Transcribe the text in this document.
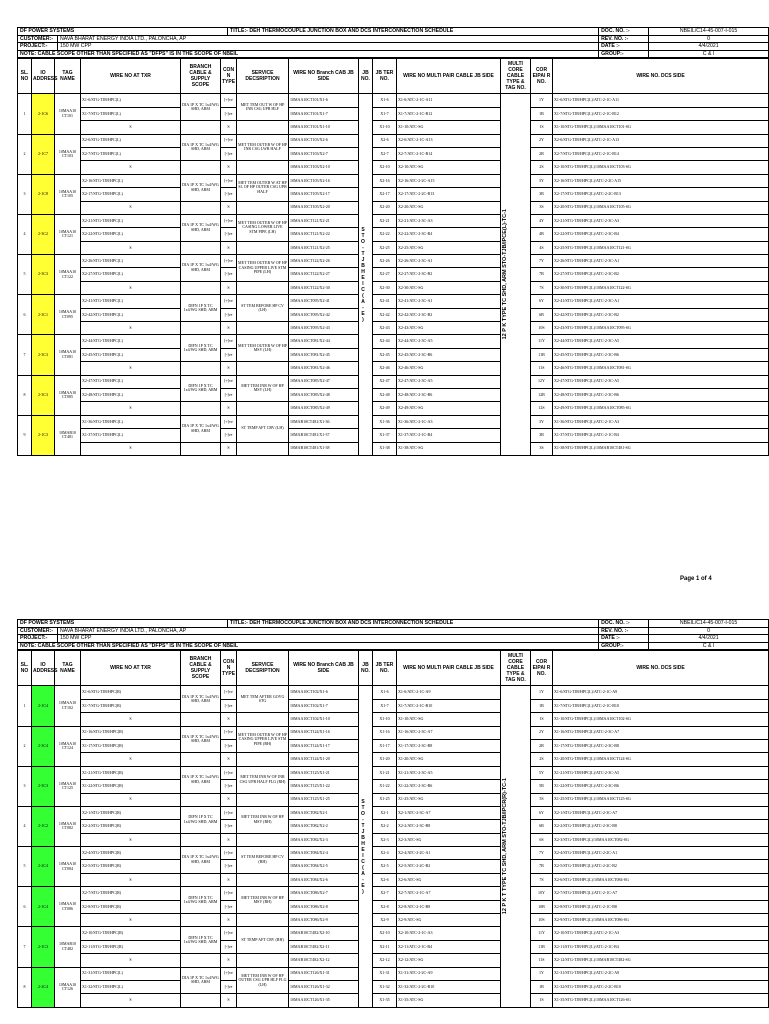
DF POWER SYSTEMS		TITLE:- DEH THERMOCOUPLE JUNCTION BOX AND DCS INTERCONNECTION SCHEDULE	DOC. NO. :-	NBEIL/C14-45-007-I-015
CUSTOMER:-	NAVA BHARAT ENERGY INDIA LTD., PALONCHA, AP		REV. NO. :-	0
PROJECT:-	150 MW CPP		DATE :-	4/4/2021
NOTE: CABLE SCOPE OTHER THAN SPECIFIED AS "DFPS" IS IN THE SCOPE OF NBEIL			GROUP:-	C & I
SL. NO	IO ADDRESS	TAG NAME	WIRE NO AT TXR	BRANCH CABLE & SUPPLY SCOPE	CON N TYPE	SERVICE DECSRIPTION	WIRE NO Branch CAB JB SIDE	JB NO.	JB TER NO.	WIRE NO MULTI PAIR CABLE JB SIDE	MULTI CORE CABLE TYPE & TAG NO.	COR EIPAI R NO.	WIRE NO. DCS SIDE
1	2-1C6	10MAA10 CT101	X1-6/STG-TJB/HPC(L)	DIA 1P X TC 1x4/WG SHD, ARM	[+]ve	MET TEM OUT W OF HP INR CSG UPR HLF	10MAA10CT101/X1-6	STO-TJBHEIC(A-E)	X1-6	X1-6/ATC-2-1C-A11	12 P K TYPE TC SHD, ARM STO-TJB/IPCE(L)-TC-1	1Y	X1-6/STG-TJB/HPC(L)/ATC-2-1C-A11
			X1-7/STG-TJB/HPC(L)		[-]ve		10MAA10CT101/X1-7		X1-7	X1-7/ATC-2-1C-B12		1B	X1-7/STG-TJB/HPC(L)/ATC-2-1C-B12
			S		S		10MAA10CT101/X1-10		X1-10	X1-10/ATC-SG		1S	X1-10/STG-TJB/HPC(L)/10MAA10CT101-SG
2	2-1C7	10MAA10 CT103	X2-6/STG-TJB/HPC(L)	DIA 1P X TC 1x4/WG SHD, ARM	[+]ve	MET TEM OUTER W OF HP INR CSG LWR HALF	10MAA10CT103/X2-6		X2-6	X2-6/ATC-2-1C-A13		2Y	X2-6/STG-TJB/HPC(L)/ATC-2-1C-A13
			X2-7/STG-TJB/HPC(L)		[-]ve		10MAA10CT103/X2-7		X2-7	X2-7/ATC-2-1C-B14		2B	X2-7/STG-TJB/HPC(L)/ATC-2-1C-B14
			S		S		10MAA10CT103/X2-10		X2-10	X2-10/ATC-SG		2S	X2-10/STG-TJB/HPC(L)/10MAA10CT103-SG
3	2-1C8	10MAA10 CT105	X2-16/STG-TJB/HPC(L)	DIA 1P X TC 1x4/WG SHD, ARM	[+]ve	MET TEM OUTER W AT HP SL OF HP OUTER CSG UPR HALF	10MAA10CT105/X2-16		X2-16	X2-16/ATC-2-2C-A15		3Y	X2-16/STG-TJB/HPC(L)/ATC-2-2C-A15
			X2-17/STG-TJB/HPC(L)		[-]ve		10MAA10CT105/X2-17		X2-17	X2-17/ATC-2-2C-B13		3B	X2-17/STG-TJB/HPC(L)/ATC-2-2C-B13
			S		S		10MAA10CT105/X2-20		X2-20	X2-20/ATC-SG		3S	X2-20/STG-TJB/HPC(L)/10MAA10CT105-SG
4	2-3C2	10MAA10 CT121	X2-21/STG-TJB/HPC(L)	DIA 1P X TC 1x4/WG SHD, ARM	[+]ve	MET TEM OUTER W OF HP CASING LOWER LIVE STM PIPE (LH)	10MAA10CT121/X2-21		X2-21	X2-21/ATC-2-3C-A3		4Y	X2-21/STG-TJB/HPC(L)/ATC-2-3C-A3
			X2-22/STG-TJB/HPC(L)		[-]ve		10MAA10CT121/X2-22		X2-22	X2-22/ATC-2-3C-B4		4B	X2-22/STG-TJB/HPC(L)/ATC-2-3C-B4
			S		S		10MAA10CT121/X2-25		X2-25	X2-25/ATC-SG		4S	X2-25/STG-TJB/HPC(L)/10MAA10CT121-SG
5	2-3C3	10MAA10 CT122	X2-26/STG-TJB/HPC(L)	DIA 1P X TC 1x4/WG SHD, ARM	[+]ve	MET TEM OUTER W OF HP CASING UPPER LIVE STM PIPE (LH)	10MAA10CT122/X2-26		X2-26	X2-26/ATC-2-3C-A1		7Y	X2-26/STG-TJB/HPC(L)/ATC-2-3C-A1
			X2-27/STG-TJB/HPC(L)		[-]ve		10MAA10CT122/X2-27		X2-27	X2-27/ATC-2-3C-B2		7B	X2-27/STG-TJB/HPC(L)/ATC-2-3C-B2
			S		S		10MAA10CT122/X2-30		X2-30	X2-30/ATC-SG		7S	X2-30/STG-TJB/HPC(L)/10MAA10CT122-SG
6	2-3C1	10MAA10 CT095	X2-41/STG-TJB/HPC(L)	DIFN 1P X TC 1x4/WG SHD, ARM	[+]ve	ST TEM BEFORE HP CV (LH)	10MAA10CT095/X2-41		X2-41	X2-41/ATC-2-3C-A1		6Y	X2-41/STG-TJB/HPC(L)/ATC-2-3C-A1
			X2-42/STG-TJB/HPC(L)		[-]ve		10MAA10CT095/X2-42		X2-42	X2-42/ATC-2-3C-B2		6B	X2-42/STG-TJB/HPC(L)/ATC-2-3C-B2
			S		S		10MAA10CT095/X2-43		X2-43	X2-43/ATC-SG		10S	X2-43/STG-TJB/HPC(L)/10MAA10CT095-SG
7	2-3C3	10MAA10 CT081	X2-44/STG-TJB/HPC(L)	DIFN 1P X TC 1x4/WG SHD, ARM	[+]ve	MET TEM OUTER W OF HP MSV (LH)	10MAA10CT081/X2-44		X2-44	X2-44/ATC-2-3C-A5		11Y	X2-44/STG-TJB/HPC(L)/ATC-2-3C-A5
			X2-45/STG-TJB/HPC(L)		[-]ve		10MAA10CT081/X2-45		X2-45	X2-45/ATC-2-3C-B6		11B	X2-45/STG-TJB/HPC(L)/ATC-2-3C-B6
			S		S		10MAA10CT081/X2-46		X2-46	X2-46/ATC-SG		11S	X2-46/STG-TJB/HPC(L)/10MAA10CT081-SG
8	2-3C3	10MAA10 CT085	X2-47/STG-TJB/HPC(L)	DIFN 1P X TC 1x4/WG SHD, ARM	[+]ve	MET TEM INR W OF HP MSV (LH)	10MAA10CT085/X2-47		X2-47	X2-47/ATC-2-3C-A5		12Y	X2-47/STG-TJB/HPC(L)/ATC-2-3C-A5
			X2-48/STG-TJB/HPC(L)		[-]ve		10MAA10CT085/X2-48		X2-48	X2-48/ATC-2-3C-B6		12B	X2-48/STG-TJB/HPC(L)/ATC-2-3C-B6
			S		S		10MAA10CT085/X2-49		X2-49	X2-49/ATC-SG		12S	X2-49/STG-TJB/HPC(L)/10MAA10CT085-SG
9	2-1C3	10MAB10 CT481	X1-36/STG-TJB/HPC(L)	DIA 1P X TC 1x4/WG SHD, ARM	[+]ve	ST TEMP AFT CRV (LH)	10MAB10CT481/X1-36		X1-36	X1-36/ATC-2-1C-A3		3Y	X1-36/STG-TJB/HPC(L)/ATC-2-1C-A3
			X1-37/STG-TJB/HPC(L)		[-]ve		10MAB10CT481/X1-37		X1-37	X1-37/ATC-2-1C-B4		3B	X1-37/STG-TJB/HPC(L)/ATC-2-1C-B4
			S		S		10MAB10CT481/X1-38		X1-38	X1-38/ATC-SG		3S	X1-38/STG-TJB/HPC(L)/10MAB10CT481-SG
Page 1 of 4
DF POWER SYSTEMS		TITLE:- DEH THERMOCOUPLE JUNCTION BOX AND DCS INTERCONNECTION SCHEDULE	DOC. NO. :-	NBEIL/C14-45-007-I-015
CUSTOMER:-	NAVA BHARAT ENERGY INDIA LTD., PALONCHA, AP		REV. NO. :-	0
PROJECT:-	150 MW CPP		DATE :-	4/4/2021
NOTE: CABLE SCOPE OTHER THAN SPECIFIED AS "DFPS" IS IN THE SCOPE OF NBEIL			GROUP:-	C & I
SL. NO	IO ADDRESS	TAG NAME	WIRE NO AT TXR	BRANCH CABLE & SUPPLY SCOPE	CON N TYPE	SERVICE DECSRIPTION	WIRE NO Branch CAB JB SIDE	JB NO.	JB TER NO.	WIRE NO MULTI PAIR CABLE JB SIDE	MULTI CORE CABLE TYPE & TAG NO.	COR EIPAI R NO.	WIRE NO. DCS SIDE
1	2-1C4	10MAA10 CT102	X1-6/STG-TJB/HPC(R)	DIA 1P X TC 1x4/WG SHD, ARM	[+]ve	MET TEM AFTER GOVG STG	10MAA10CT102/X1-6	STO-TJBHEIC(A-E)	X1-6	X1-6/ATC-2-1C-A9	12 P K T TYPE TC SHD, ARM STO-TJB/IPCR(R)-TC-1	1Y	X1-6/STG-TJB/HPC(L)/ATC-2-1C-A9
			X1-7/STG-TJB/HPC(R)		[-]ve		10MAA10CT102/X1-7		X1-7	X1-7/ATC-2-1C-B10		1B	X1-7/STG-TJB/HPC(L)/ATC-2-1C-B10
			S		S		10MAA10CT102/X1-10		X1-10	X1-10/ATC-SG		1S	X1-10/STG-TJB/HPC(L)/10MAA10CT102-SG
2	2-3C4	10MAA10 CT124	X1-16/STG-TJB/HPC(R)	DIA 1P X TC 1x4/WG SHD, ARM	[+]ve	MET TEM OUTER W OF HP CASING UPPER LIVE STM PIPE (RH)	10MAA10CT124/X1-16		X1-16	X1-16/ATC-2-3C-A7		2Y	X1-16/STG-TJB/HPC(L)/ATC-2-3C-A7
			X1-17/STG-TJB/HPC(R)		[-]ve		10MAA10CT124/X1-17		X1-17	X1-17/ATC-2-3C-B8		2B	X1-17/STG-TJB/HPC(L)/ATC-2-3C-B8
			S		S		10MAA10CT124/X1-20		X1-20	X1-20/ATC-SG		2S	X1-20/STG-TJB/HPC(L)/10MAA10CT124-SG
3	2-3C3	10MAA10 CT125	X1-21/STG-TJB/HPC(R)	DIA 1P X TC 1x4/WG SHD, ARM	[+]ve	MET TEM INR W OF INR CSG UPR HALF FLG (RH)	10MAA10CT125/X1-21		X1-21	X1-21/ATC-2-3C-A5		5Y	X1-21/STG-TJB/HPC(L)/ATC-2-3C-A5
			X1-22/STG-TJB/HPC(R)		[-]ve		10MAA10CT125/X1-22		X1-22	X1-22/ATC-2-3C-B6		5B	X1-22/STG-TJB/HPC(L)/ATC-2-3C-B6
			S		S		10MAA10CT125/X1-25		X1-25	X1-25/ATC-SG		5S	X1-25/STG-TJB/HPC(L)/10MAA10CT125-SG
4	2-1C2	10MAA10 CT082	X2-1/STG-TJB/HPC(R)	DIFN 1P X TC 1x4/WG SHD, ARM	[+]ve	MET TEM INR W OF HP MSV (RH)	10MAA10CT082/X2-1		X2-1	X2-1/ATC-2-3C-A7		6Y	X2-1/STG-TJB/HPC(L)/ATC-2-3C-A7
			X2-2/STG-TJB/HPC(R)		[-]ve		10MAA10CT082/X2-2		X2-2	X2-2/ATC-2-3C-B8		6B	X2-2/STG-TJB/HPC(L)/ATC-2-3C-B8
			S		S		10MAA10CT082/X2-3		X2-3	X2-3/ATC-SG		6S	X2-3/STG-TJB/HPC(L)/10MAA10CT082-SG
5	2-2C4	10MAA10 CT084	X2-4/STG-TJB/HPC(R)	DIA 1P X TC 1x4/WG SHD, ARM	[+]ve	ST TEM BEFORE HP CV (RH)	10MAA10CT084/X2-4		X2-4	X2-4/ATC-2-2C-A1		7Y	X2-4/STG-TJB/HPC(L)/ATC-2-2C-A1
			X2-5/STG-TJB/HPC(R)		[-]ve		10MAA10CT084/X2-5		X2-5	X2-5/ATC-2-2C-B2		7B	X2-5/STG-TJB/HPC(L)/ATC-2-2C-B2
			S		S		10MAA10CT084/X2-6		X2-6	X2-6/ATC-SG		7S	X2-6/STG-TJB/HPC(L)/10MAA10CT084-SG
6	2-1C4	10MAA10 CT086	X2-7/STG-TJB/HPC(R)	DIFN 1P X TC 1x4/WG SHD, ARM	[+]ve	MET TEM INR W OF HP MSV (RH)	10MAA10CT086/X2-7		X2-7	X2-7/ATC-2-1C-A7		10Y	X2-7/STG-TJB/HPC(L)/ATC-2-1C-A7
			X2-8/STG-TJB/HPC(R)		[-]ve		10MAA10CT086/X2-8		X2-8	X2-8/ATC-2-1C-B8		10B	X2-8/STG-TJB/HPC(L)/ATC-2-1C-B8
			S		S		10MAA10CT086/X2-9		X2-9	X2-9/ATC-SG		10S	X2-9/STG-TJB/HPC(L)/10MAA10CT086-SG
7	2-1C3	10MAB10 CT482	X2-10/STG-TJB/HPC(R)	DIFN 1P X TC 1x4/WG SHD, ARM	[+]ve	ST TEMP AFT CRV (RH)	10MAB10CT482/X2-10		X2-10	X2-10/ATC-2-1C-A3		11Y	X2-10/STG-TJB/HPC(L)/ATC-2-1C-A3
			X2-11/STG-TJB/HPC(R)		[-]ve		10MAB10CT482/X2-11		X2-11	X2-11/ATC-2-1C-B4		11B	X2-11/STG-TJB/HPC(L)/ATC-2-1C-B4
			S		S		10MAB10CT482/X2-12		X2-12	X2-12/ATC-SG		11S	X2-12/STG-TJB/HPC(L)/10MAB10CT482-SG
8	2-2C4	10MAA10 CT126	X1-31/STG-TJB/HPC(L)	DIA 1P X TC 1x4/WG SHD, ARM	[+]ve	MET TEM INR W OF HP OUTER CSG UPR HLF FLG (LH)	10MAA10CT126/X1-31		X1-31	X1-31/ATC-2-2C-A9		1Y	X1-31/STG-TJB/HPC(L)/ATC-2-2C-A9
			X1-32/STG-TJB/HPC(L)		[-]ve		10MAA10CT126/X1-32		X1-32	X1-32/ATC-2-2C-B10		1B	X1-32/STG-TJB/HPC(L)/ATC-2-2C-B10
			S		S		10MAA10CT126/X1-35		X1-35	X1-35/ATC-SG		1S	X1-35/STG-TJB/HPC(L)/10MAA10CT126-SG
